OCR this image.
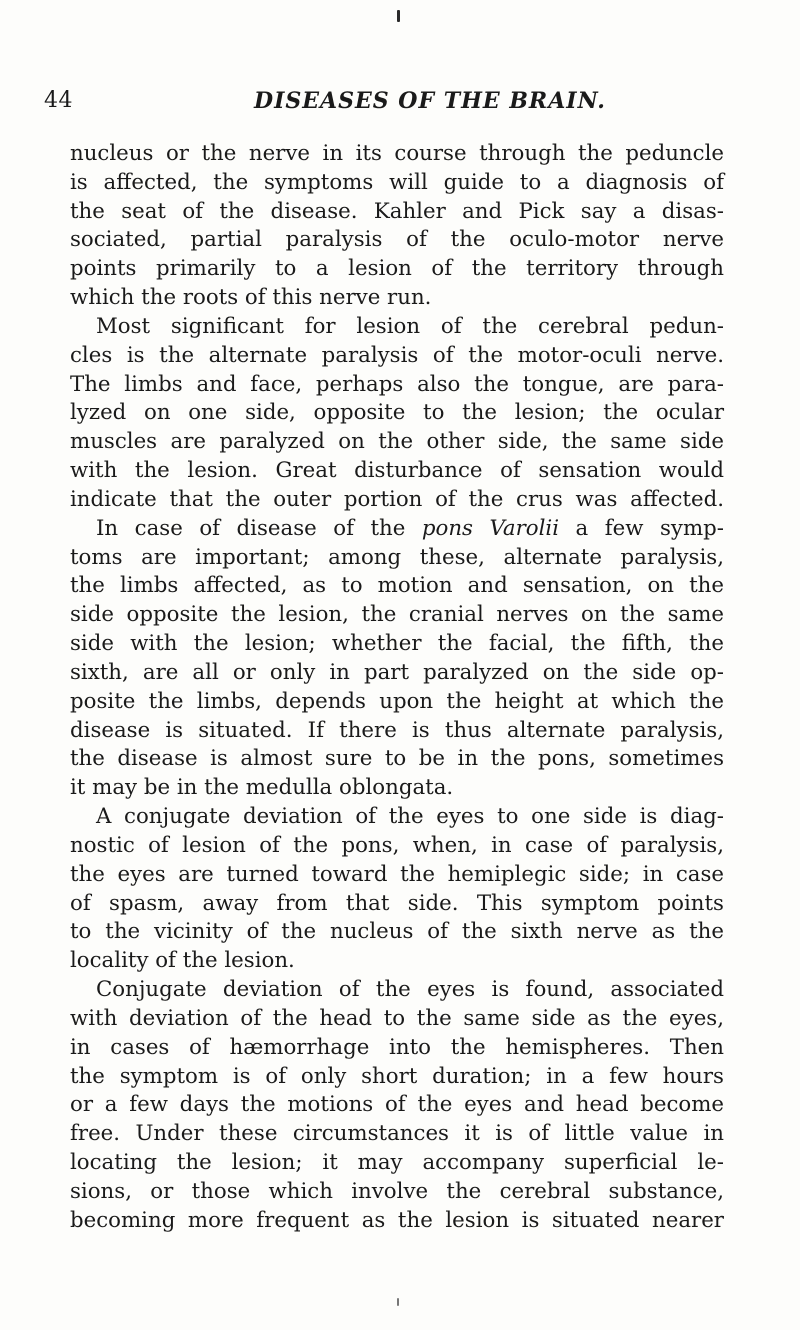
44	DISEASES OF THE BRAIN.
nucleus or the nerve in its course through the peduncle
is affected, the symptoms will guide to a diagnosis of
the seat of the disease. Kahler and Pick say a disas-
sociated, partial paralysis of the oculo-motor nerve
points primarily to a lesion of the territory through
which the roots of this nerve run.
Most significant for lesion of the cerebral pedun-
cles is the alternate paralysis of the motor-oculi nerve.
The limbs and face, perhaps also the tongue, are para-
lyzed on one side, opposite to the lesion; the ocular
muscles are paralyzed on the other side, the same side
with the lesion. Great disturbance of sensation would
indicate that the outer portion of the crus was affected.
In case of disease of the pons Varolii a few symp-
toms are important; among these, alternate paralysis,
the limbs affected, as to motion and sensation, on the
side opposite the lesion, the cranial nerves on the same
side with the lesion; whether the facial, the fifth, the
sixth, are all or only in part paralyzed on the side op-
posite the limbs, depends upon the height at which the
disease is situated. If there is thus alternate paralysis,
the disease is almost sure to be in the pons, sometimes
it may be in the medulla oblongata.
A conjugate deviation of the eyes to one side is diag-
nostic of lesion of the pons, when, in case of paralysis,
the eyes are turned toward the hemiplegic side; in case
of spasm, away from that side. This symptom points
to the vicinity of the nucleus of the sixth nerve as the
locality of the lesion.
Conjugate deviation of the eyes is found, associated
with deviation of the head to the same side as the eyes,
in cases of hæmorrhage into the hemispheres. Then
the symptom is of only short duration; in a few hours
or a few days the motions of the eyes and head become
free. Under these circumstances it is of little value in
locating the lesion; it may accompany superficial le-
sions, or those which involve the cerebral substance,
becoming more frequent as the lesion is situated nearer
